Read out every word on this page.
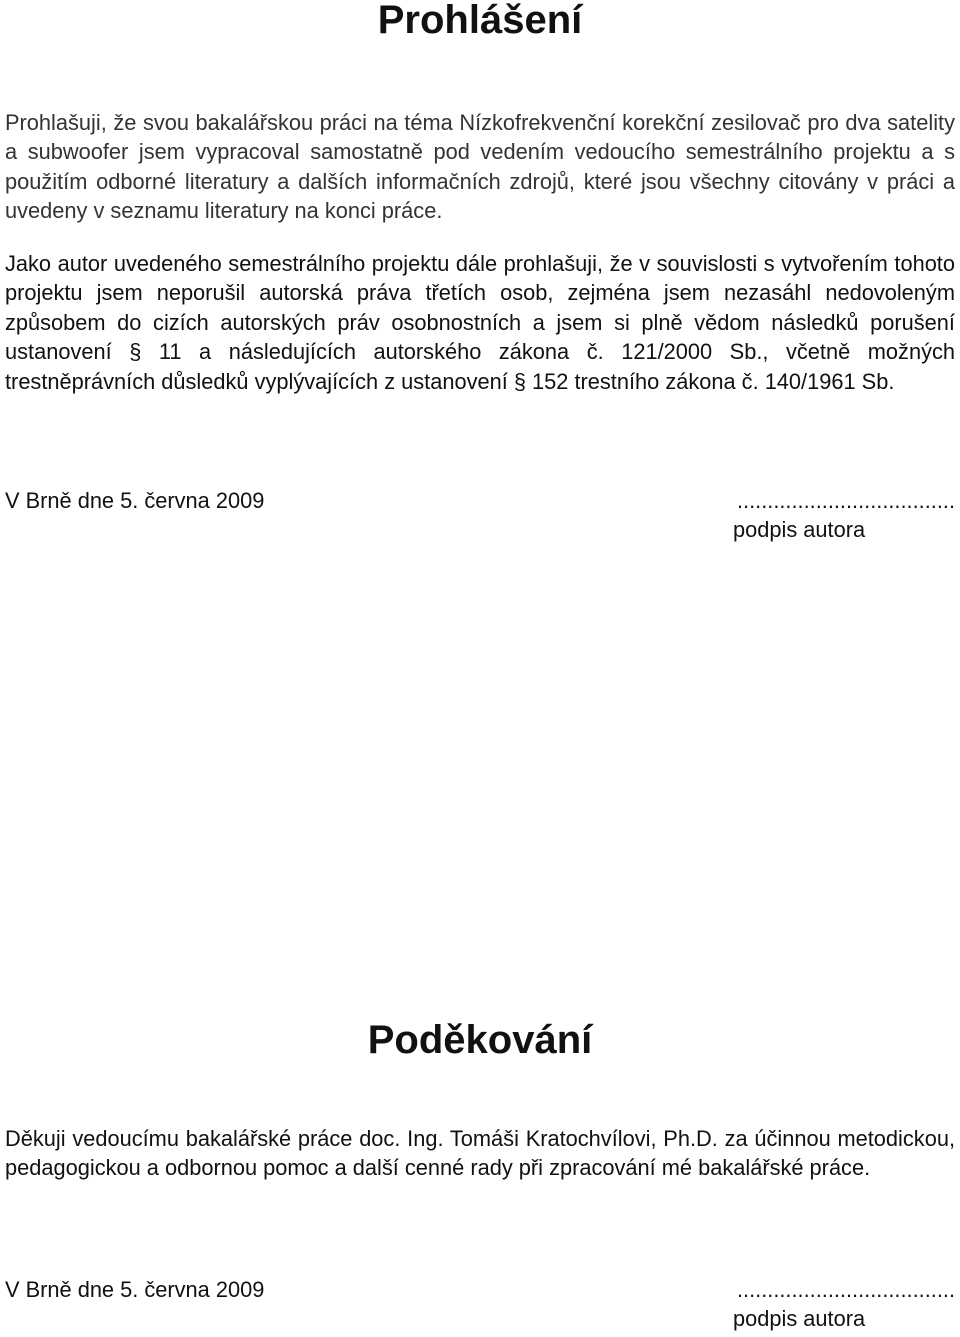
Prohlášení

Prohlašuji, že svou bakalářskou práci na téma Nízkofrekvenční korekční zesilovač pro dva satelity a subwoofer jsem vypracoval samostatně pod vedením vedoucího semestrálního projektu a s použitím odborné literatury a dalších informačních zdrojů, které jsou všechny citovány v práci a uvedeny v seznamu literatury na konci práce.

Jako autor uvedeného semestrálního projektu dále prohlašuji, že v souvislosti s vytvořením tohoto projektu jsem neporušil autorská práva třetích osob, zejména jsem nezasáhl nedovoleným způsobem do cizích autorských práv osobnostních a jsem si plně vědom následků porušení ustanovení § 11 a následujících autorského zákona č. 121/2000 Sb., včetně možných trestněprávních důsledků vyplývajících z ustanovení § 152 trestního zákona č. 140/1961 Sb.

V Brně dne 5. června 2009	....................................
podpis autora
Poděkování

Děkuji vedoucímu bakalářské práce doc. Ing. Tomáši Kratochvílovi, Ph.D. za účinnou metodickou, pedagogickou a odbornou pomoc a další cenné rady při zpracování mé bakalářské práce.

V Brně dne 5. června 2009	....................................
podpis autora
